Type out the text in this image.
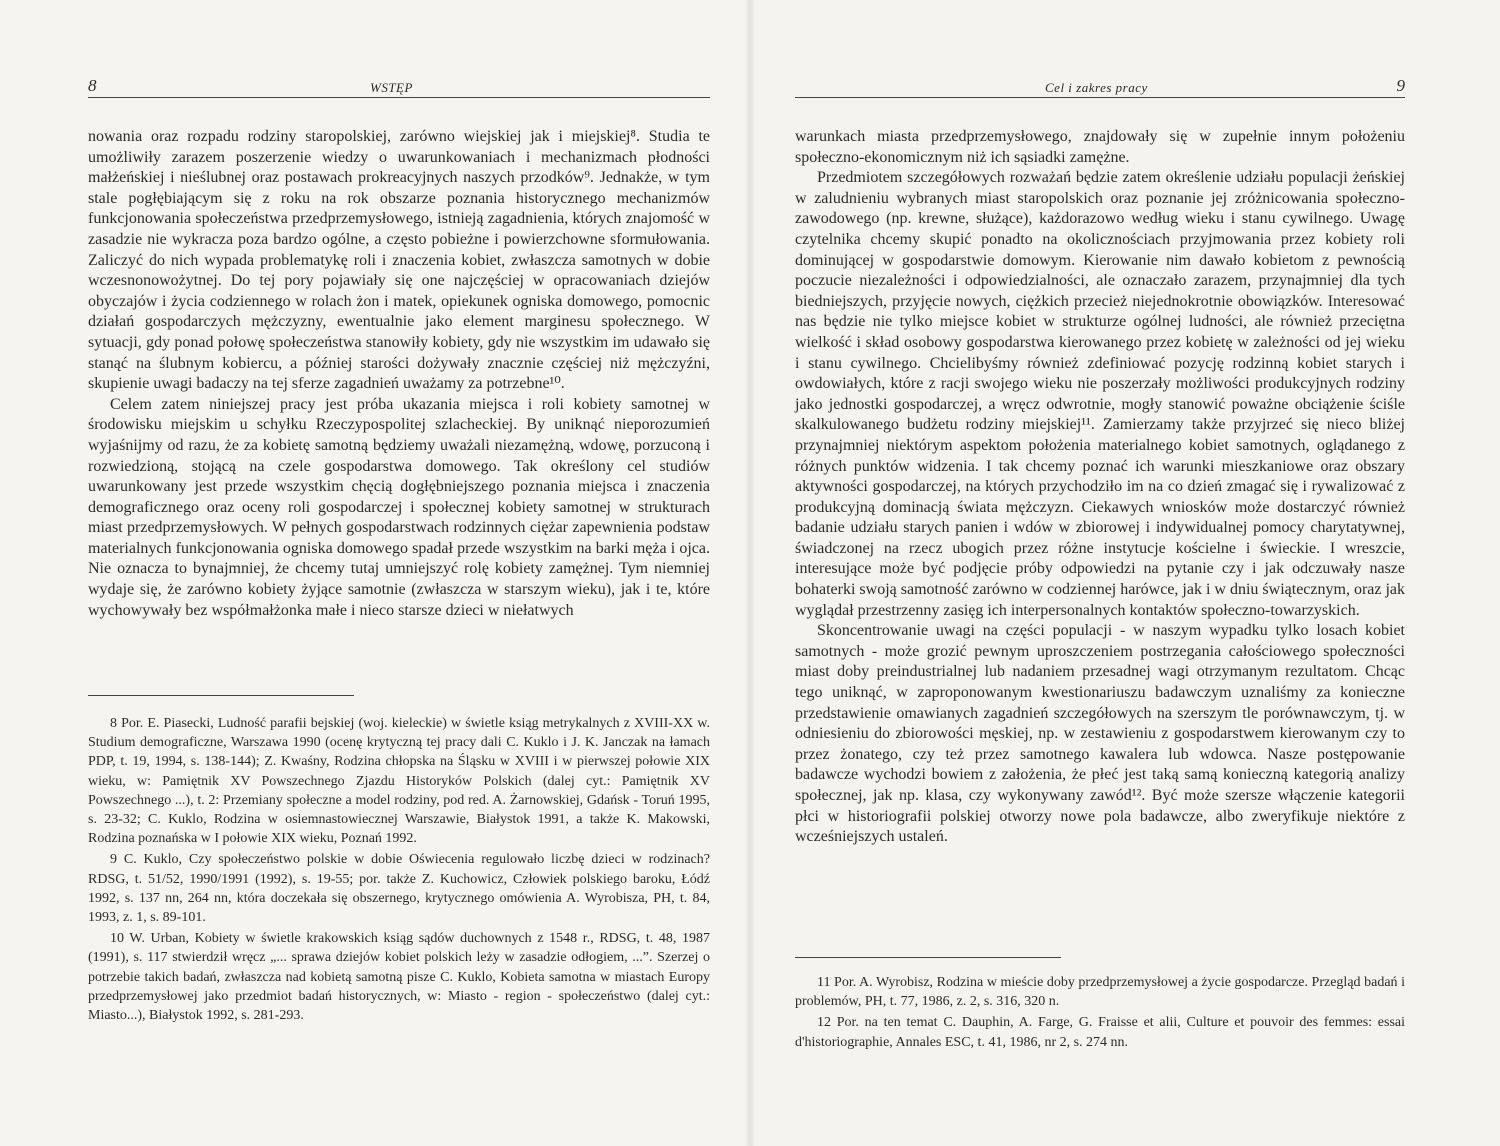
8	WSTĘP

nowania oraz rozpadu rodziny staropolskiej, zarówno wiejskiej jak i miejskiej⁸. Studia te umożliwiły zarazem poszerzenie wiedzy o uwarunkowaniach i mechanizmach płodności małżeńskiej i nieślubnej oraz postawach prokreacyjnych naszych przodków⁹. Jednakże, w tym stale pogłębiającym się z roku na rok obszarze poznania historycznego mechanizmów funkcjonowania społeczeństwa przedprzemysłowego, istnieją zagadnienia, których znajomość w zasadzie nie wykracza poza bardzo ogólne, a często pobieżne i powierzchowne sformułowania. Zaliczyć do nich wypada problematykę roli i znaczenia kobiet, zwłaszcza samotnych w dobie wczesnonowożytnej. Do tej pory pojawiały się one najczęściej w opracowaniach dziejów obyczajów i życia codziennego w rolach żon i matek, opiekunek ogniska domowego, pomocnic działań gospodarczych mężczyzny, ewentualnie jako element marginesu społecznego. W sytuacji, gdy ponad połowę społeczeństwa stanowiły kobiety, gdy nie wszystkim im udawało się stanąć na ślubnym kobiercu, a później starości dożywały znacznie częściej niż mężczyźni, skupienie uwagi badaczy na tej sferze zagadnień uważamy za potrzebne¹⁰.

Celem zatem niniejszej pracy jest próba ukazania miejsca i roli kobiety samotnej w środowisku miejskim u schyłku Rzeczypospolitej szlacheckiej. By uniknąć nieporozumień wyjaśnijmy od razu, że za kobietę samotną będziemy uważali niezamężną, wdowę, porzuconą i rozwiedzioną, stojącą na czele gospodarstwa domowego. Tak określony cel studiów uwarunkowany jest przede wszystkim chęcią dogłębniejszego poznania miejsca i znaczenia demograficznego oraz oceny roli gospodarczej i społecznej kobiety samotnej w strukturach miast przedprzemysłowych. W pełnych gospodarstwach rodzinnych ciężar zapewnienia podstaw materialnych funkcjonowania ogniska domowego spadał przede wszystkim na barki męża i ojca. Nie oznacza to bynajmniej, że chcemy tutaj umniejszyć rolę kobiety zamężnej. Tym niemniej wydaje się, że zarówno kobiety żyjące samotnie (zwłaszcza w starszym wieku), jak i te, które wychowywały bez współmałżonka małe i nieco starsze dzieci w niełatwych

8 Por. E. Piasecki, Ludność parafii bejskiej (woj. kieleckie) w świetle ksiąg metrykalnych z XVIII-XX w. Studium demograficzne, Warszawa 1990 (ocenę krytyczną tej pracy dali C. Kuklo i J. K. Janczak na łamach PDP, t. 19, 1994, s. 138-144); Z. Kwaśny, Rodzina chłopska na Śląsku w XVIII i w pierwszej połowie XIX wieku, w: Pamiętnik XV Powszechnego Zjazdu Historyków Polskich (dalej cyt.: Pamiętnik XV Powszechnego ...), t. 2: Przemiany społeczne a model rodziny, pod red. A. Żarnowskiej, Gdańsk - Toruń 1995, s. 23-32; C. Kuklo, Rodzina w osiemnastowiecznej Warszawie, Białystok 1991, a także K. Makowski, Rodzina poznańska w I połowie XIX wieku, Poznań 1992.

9 C. Kuklo, Czy społeczeństwo polskie w dobie Oświecenia regulowało liczbę dzieci w rodzinach? RDSG, t. 51/52, 1990/1991 (1992), s. 19-55; por. także Z. Kuchowicz, Człowiek polskiego baroku, Łódź 1992, s. 137 nn, 264 nn, która doczekała się obszernego, krytycznego omówienia A. Wyrobisza, PH, t. 84, 1993, z. 1, s. 89-101.

10 W. Urban, Kobiety w świetle krakowskich ksiąg sądów duchownych z 1548 r., RDSG, t. 48, 1987 (1991), s. 117 stwierdził wręcz „... sprawa dziejów kobiet polskich leży w zasadzie odłogiem, ...”. Szerzej o potrzebie takich badań, zwłaszcza nad kobietą samotną pisze C. Kuklo, Kobieta samotna w miastach Europy przedprzemysłowej jako przedmiot badań historycznych, w: Miasto - region - społeczeństwo (dalej cyt.: Miasto...), Białystok 1992, s. 281-293.

Cel i zakres pracy	9

warunkach miasta przedprzemysłowego, znajdowały się w zupełnie innym położeniu społeczno-ekonomicznym niż ich sąsiadki zamężne.

Przedmiotem szczegółowych rozważań będzie zatem określenie udziału populacji żeńskiej w zaludnieniu wybranych miast staropolskich oraz poznanie jej zróżnicowania społeczno-zawodowego (np. krewne, służące), każdorazowo według wieku i stanu cywilnego. Uwagę czytelnika chcemy skupić ponadto na okolicznościach przyjmowania przez kobiety roli dominującej w gospodarstwie domowym. Kierowanie nim dawało kobietom z pewnością poczucie niezależności i odpowiedzialności, ale oznaczało zarazem, przynajmniej dla tych biedniejszych, przyjęcie nowych, ciężkich przecież niejednokrotnie obowiązków. Interesować nas będzie nie tylko miejsce kobiet w strukturze ogólnej ludności, ale również przeciętna wielkość i skład osobowy gospodarstwa kierowanego przez kobietę w zależności od jej wieku i stanu cywilnego. Chcielibyśmy również zdefiniować pozycję rodzinną kobiet starych i owdowiałych, które z racji swojego wieku nie poszerzały możliwości produkcyjnych rodziny jako jednostki gospodarczej, a wręcz odwrotnie, mogły stanowić poważne obciążenie ściśle skalkulowanego budżetu rodziny miejskiej¹¹. Zamierzamy także przyjrzeć się nieco bliżej przynajmniej niektórym aspektom położenia materialnego kobiet samotnych, oglądanego z różnych punktów widzenia. I tak chcemy poznać ich warunki mieszkaniowe oraz obszary aktywności gospodarczej, na których przychodziło im na co dzień zmagać się i rywalizować z produkcyjną dominacją świata mężczyzn. Ciekawych wniosków może dostarczyć również badanie udziału starych panien i wdów w zbiorowej i indywidualnej pomocy charytatywnej, świadczonej na rzecz ubogich przez różne instytucje kościelne i świeckie. I wreszcie, interesujące może być podjęcie próby odpowiedzi na pytanie czy i jak odczuwały nasze bohaterki swoją samotność zarówno w codziennej harówce, jak i w dniu świątecznym, oraz jak wyglądał przestrzenny zasięg ich interpersonalnych kontaktów społeczno-towarzyskich.

Skoncentrowanie uwagi na części populacji - w naszym wypadku tylko losach kobiet samotnych - może grozić pewnym uproszczeniem postrzegania całościowego społeczności miast doby preindustrialnej lub nadaniem przesadnej wagi otrzymanym rezultatom. Chcąc tego uniknąć, w zaproponowanym kwestionariuszu badawczym uznaliśmy za konieczne przedstawienie omawianych zagadnień szczegółowych na szerszym tle porównawczym, tj. w odniesieniu do zbiorowości męskiej, np. w zestawieniu z gospodarstwem kierowanym czy to przez żonatego, czy też przez samotnego kawalera lub wdowca. Nasze postępowanie badawcze wychodzi bowiem z założenia, że płeć jest taką samą konieczną kategorią analizy społecznej, jak np. klasa, czy wykonywany zawód¹². Być może szersze włączenie kategorii płci w historiografii polskiej otworzy nowe pola badawcze, albo zweryfikuje niektóre z wcześniejszych ustaleń.

11 Por. A. Wyrobisz, Rodzina w mieście doby przedprzemysłowej a życie gospodarcze. Przegląd badań i problemów, PH, t. 77, 1986, z. 2, s. 316, 320 n.

12 Por. na ten temat C. Dauphin, A. Farge, G. Fraisse et alii, Culture et pouvoir des femmes: essai d'historiographie, Annales ESC, t. 41, 1986, nr 2, s. 274 nn.
